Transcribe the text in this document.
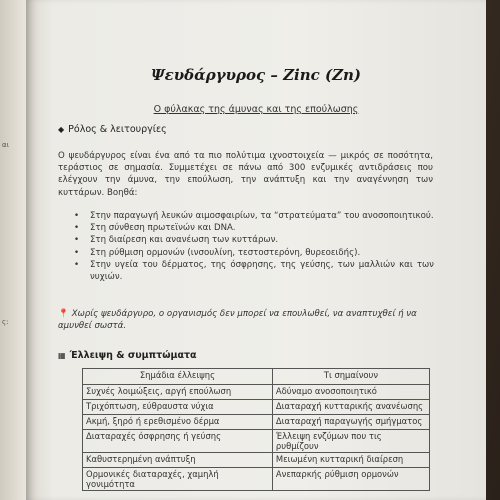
αι
ς:
Ψευδάργυρος – Zinc (Zn)
Ο φύλακας της άμυνας και της επούλωσης
◆ Ρόλος & λειτουργίες
Ο ψευδάργυρος είναι ένα από τα πιο πολύτιμα ιχνοστοιχεία — μικρός σε ποσότητα, τεράστιος σε σημασία. Συμμετέχει σε πάνω από 300 ενζυμικές αντιδράσεις που ελέγχουν την άμυνα, την επούλωση, την ανάπτυξη και την αναγέννηση των κυττάρων. Βοηθά:
• Στην παραγωγή λευκών αιμοσφαιρίων, τα “στρατεύματα” του ανοσοποιητικού.
• Στη σύνθεση πρωτεϊνών και DNA.
• Στη διαίρεση και ανανέωση των κυττάρων.
• Στη ρύθμιση ορμονών (ινσουλίνη, τεστοστερόνη, θυρεοειδής).
• Στην υγεία του δέρματος, της όσφρησης, της γεύσης, των μαλλιών και των νυχιών.
📍 Χωρίς ψευδάργυρο, ο οργανισμός δεν μπορεί να επουλωθεί, να αναπτυχθεί ή να αμυνθεί σωστά.
▦ Έλλειψη & συμπτώματα
Σημάδια έλλειψης	Τι σημαίνουν
Συχνές λοιμώξεις, αργή επούλωση	Αδύναμο ανοσοποιητικό
Τριχόπτωση, εύθραυστα νύχια	Διαταραχή κυτταρικής ανανέωσης
Ακμή, ξηρό ή ερεθισμένο δέρμα	Διαταραχή παραγωγής σμήγματος
Διαταραχές όσφρησης ή γεύσης	Έλλειψη ενζύμων που τις ρυθμίζουν
Καθυστερημένη ανάπτυξη	Μειωμένη κυτταρική διαίρεση
Ορμονικές διαταραχές, χαμηλή γονιμότητα	Ανεπαρκής ρύθμιση ορμονών
